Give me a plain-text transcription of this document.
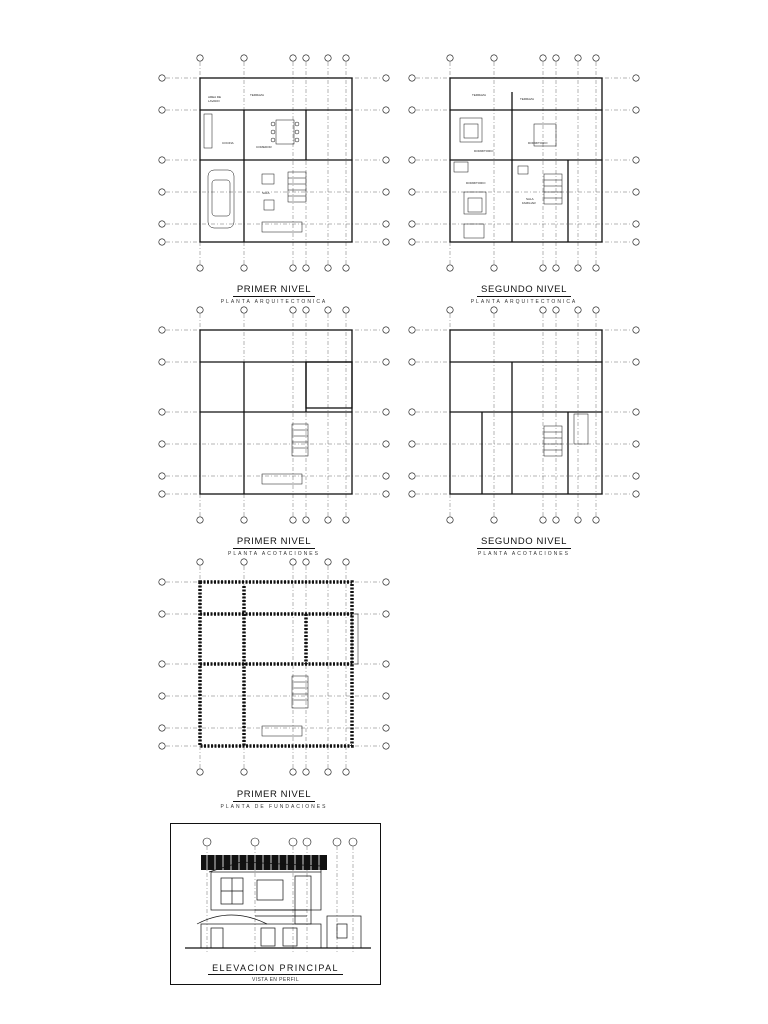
AREA DE
LAVADO
TERRAZA
COCINA
COMEDOR
SALA
PRIMER NIVEL
PLANTA ARQUITECTONICA
TERRAZA
TERRAZA
DORMITORIO
DORMITORIO
DORMITORIO
SALA
FAMILIAR
SEGUNDO NIVEL
PLANTA ARQUITECTONICA
PRIMER NIVEL
PLANTA ACOTACIONES
SEGUNDO NIVEL
PLANTA ACOTACIONES
PRIMER NIVEL
PLANTA DE FUNDACIONES
ELEVACION PRINCIPAL
VISTA EN PERFIL
